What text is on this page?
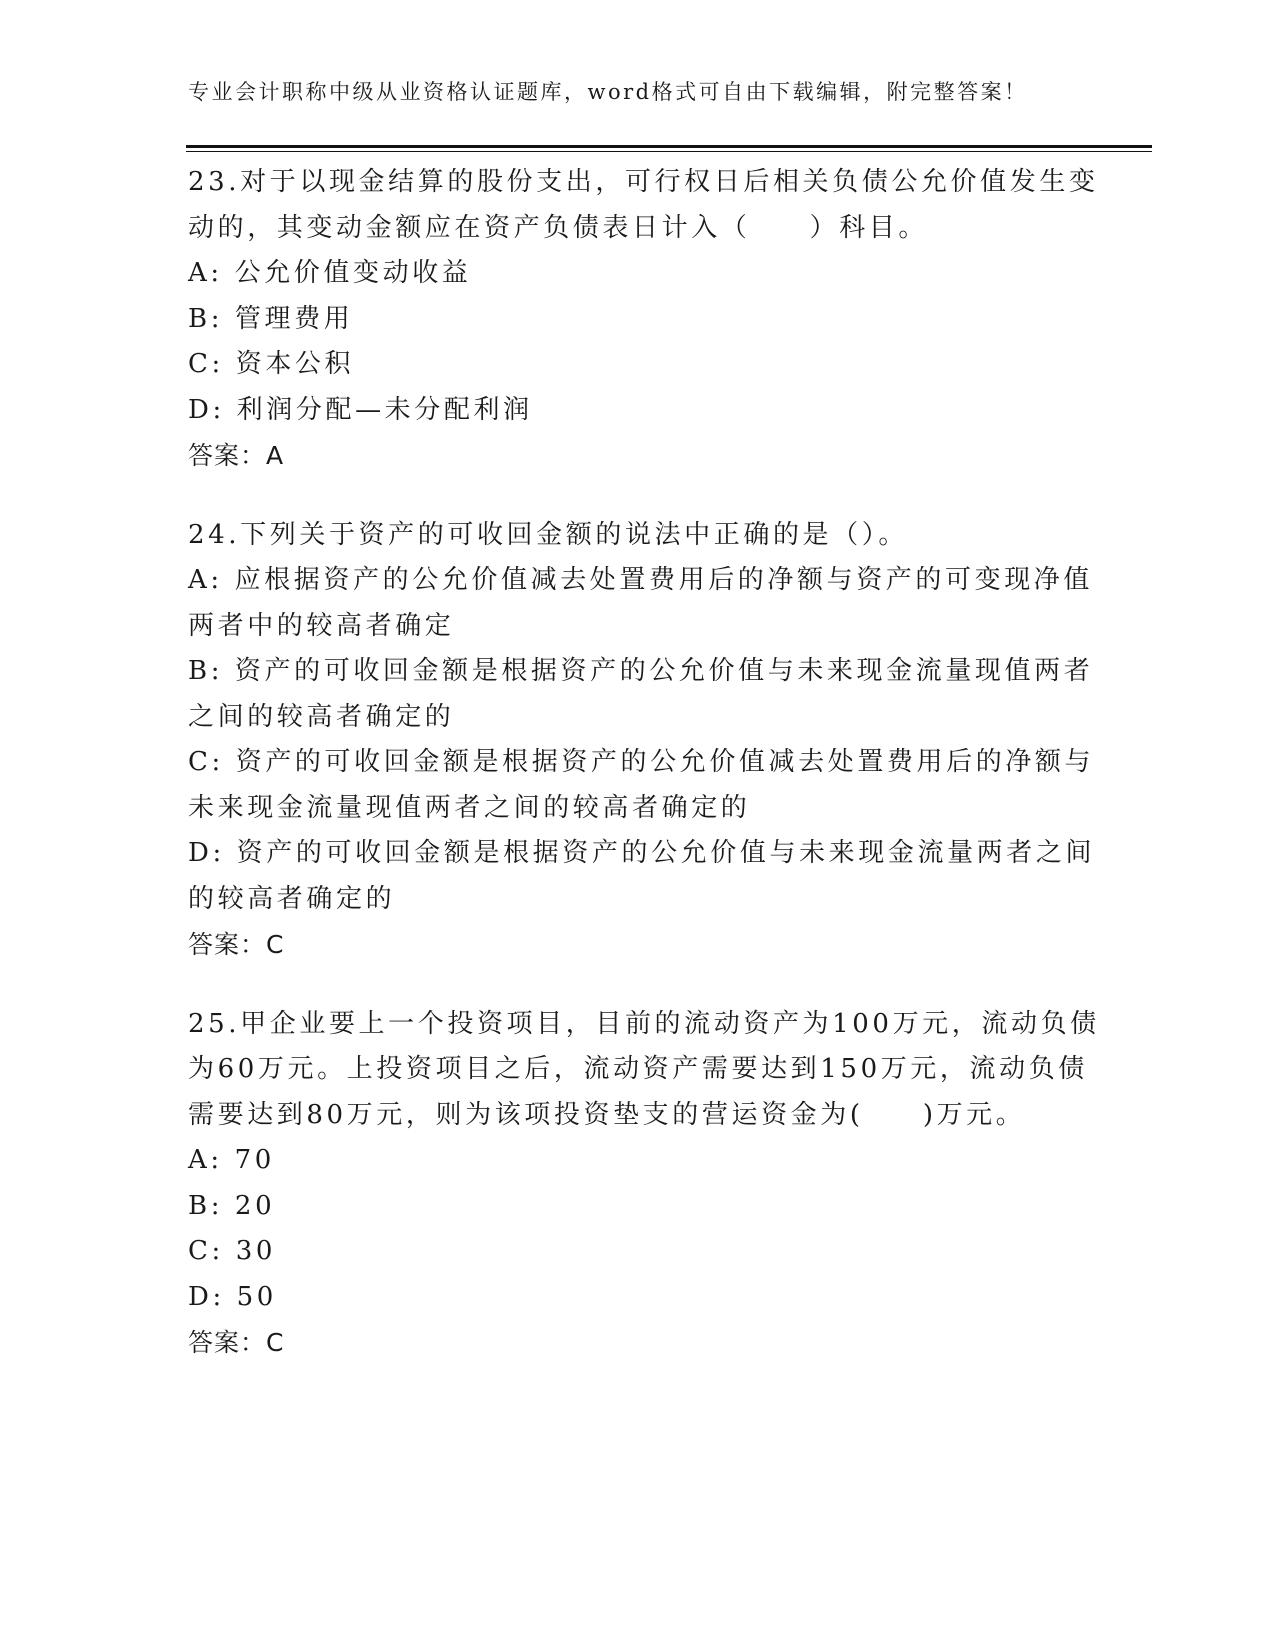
专业会计职称中级从业资格认证题库，word格式可自由下载编辑，附完整答案！
23.对于以现金结算的股份支出，可行权日后相关负债公允价值发生变
动的，其变动金额应在资产负债表日计入（　　）科目。
A: 公允价值变动收益
B: 管理费用
C: 资本公积
D: 利润分配—未分配利润
答案：A
24.下列关于资产的可收回金额的说法中正确的是（）。
A: 应根据资产的公允价值减去处置费用后的净额与资产的可变现净值
两者中的较高者确定
B: 资产的可收回金额是根据资产的公允价值与未来现金流量现值两者
之间的较高者确定的
C: 资产的可收回金额是根据资产的公允价值减去处置费用后的净额与
未来现金流量现值两者之间的较高者确定的
D: 资产的可收回金额是根据资产的公允价值与未来现金流量两者之间
的较高者确定的
答案：C
25.甲企业要上一个投资项目，目前的流动资产为100万元，流动负债
为60万元。上投资项目之后，流动资产需要达到150万元，流动负债
需要达到80万元，则为该项投资垫支的营运资金为(　　)万元。
A: 70
B: 20
C: 30
D: 50
答案：C
